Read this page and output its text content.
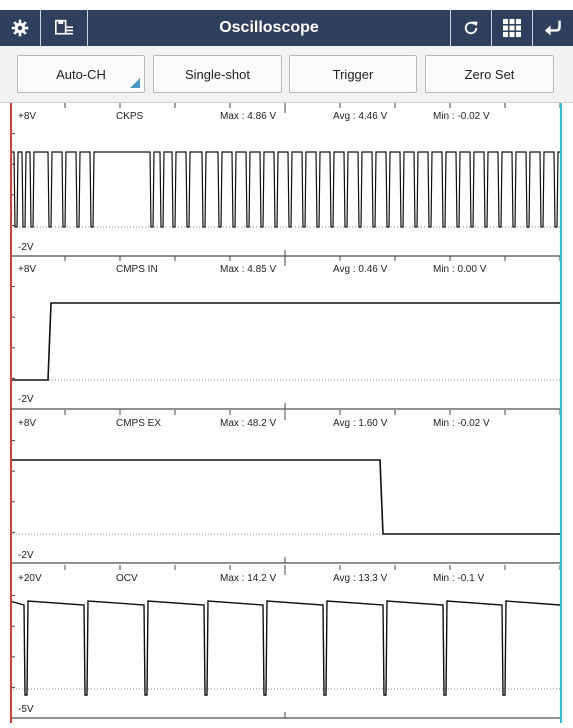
Oscilloscope
Auto-CH	Single-shot	Trigger	Zero Set
+8V	CKPS	Max : 4.86 V	Avg : 4.46 V	Min : -0.02 V
-2V
+8V	CMPS IN	Max : 4.85 V	Avg : 0.46 V	Min : 0.00 V
-2V
+8V	CMPS EX	Max : 48.2 V	Avg : 1.60 V	Min : -0.02 V
-2V
+20V	OCV	Max : 14.2 V	Avg : 13.3 V	Min : -0.1 V
-5V
